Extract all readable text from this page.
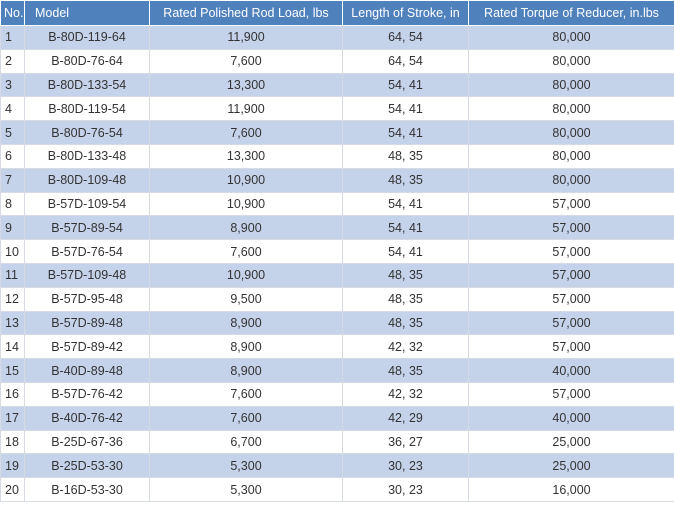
No.	Model	Rated Polished Rod Load, lbs	Length of Stroke, in	Rated Torque of Reducer, in.lbs
1	B-80D-119-64	11,900	64, 54	80,000
2	B-80D-76-64	7,600	64, 54	80,000
3	B-80D-133-54	13,300	54, 41	80,000
4	B-80D-119-54	11,900	54, 41	80,000
5	B-80D-76-54	7,600	54, 41	80,000
6	B-80D-133-48	13,300	48, 35	80,000
7	B-80D-109-48	10,900	48, 35	80,000
8	B-57D-109-54	10,900	54, 41	57,000
9	B-57D-89-54	8,900	54, 41	57,000
10	B-57D-76-54	7,600	54, 41	57,000
11	B-57D-109-48	10,900	48, 35	57,000
12	B-57D-95-48	9,500	48, 35	57,000
13	B-57D-89-48	8,900	48, 35	57,000
14	B-57D-89-42	8,900	42, 32	57,000
15	B-40D-89-48	8,900	48, 35	40,000
16	B-57D-76-42	7,600	42, 32	57,000
17	B-40D-76-42	7,600	42, 29	40,000
18	B-25D-67-36	6,700	36, 27	25,000
19	B-25D-53-30	5,300	30, 23	25,000
20	B-16D-53-30	5,300	30, 23	16,000
